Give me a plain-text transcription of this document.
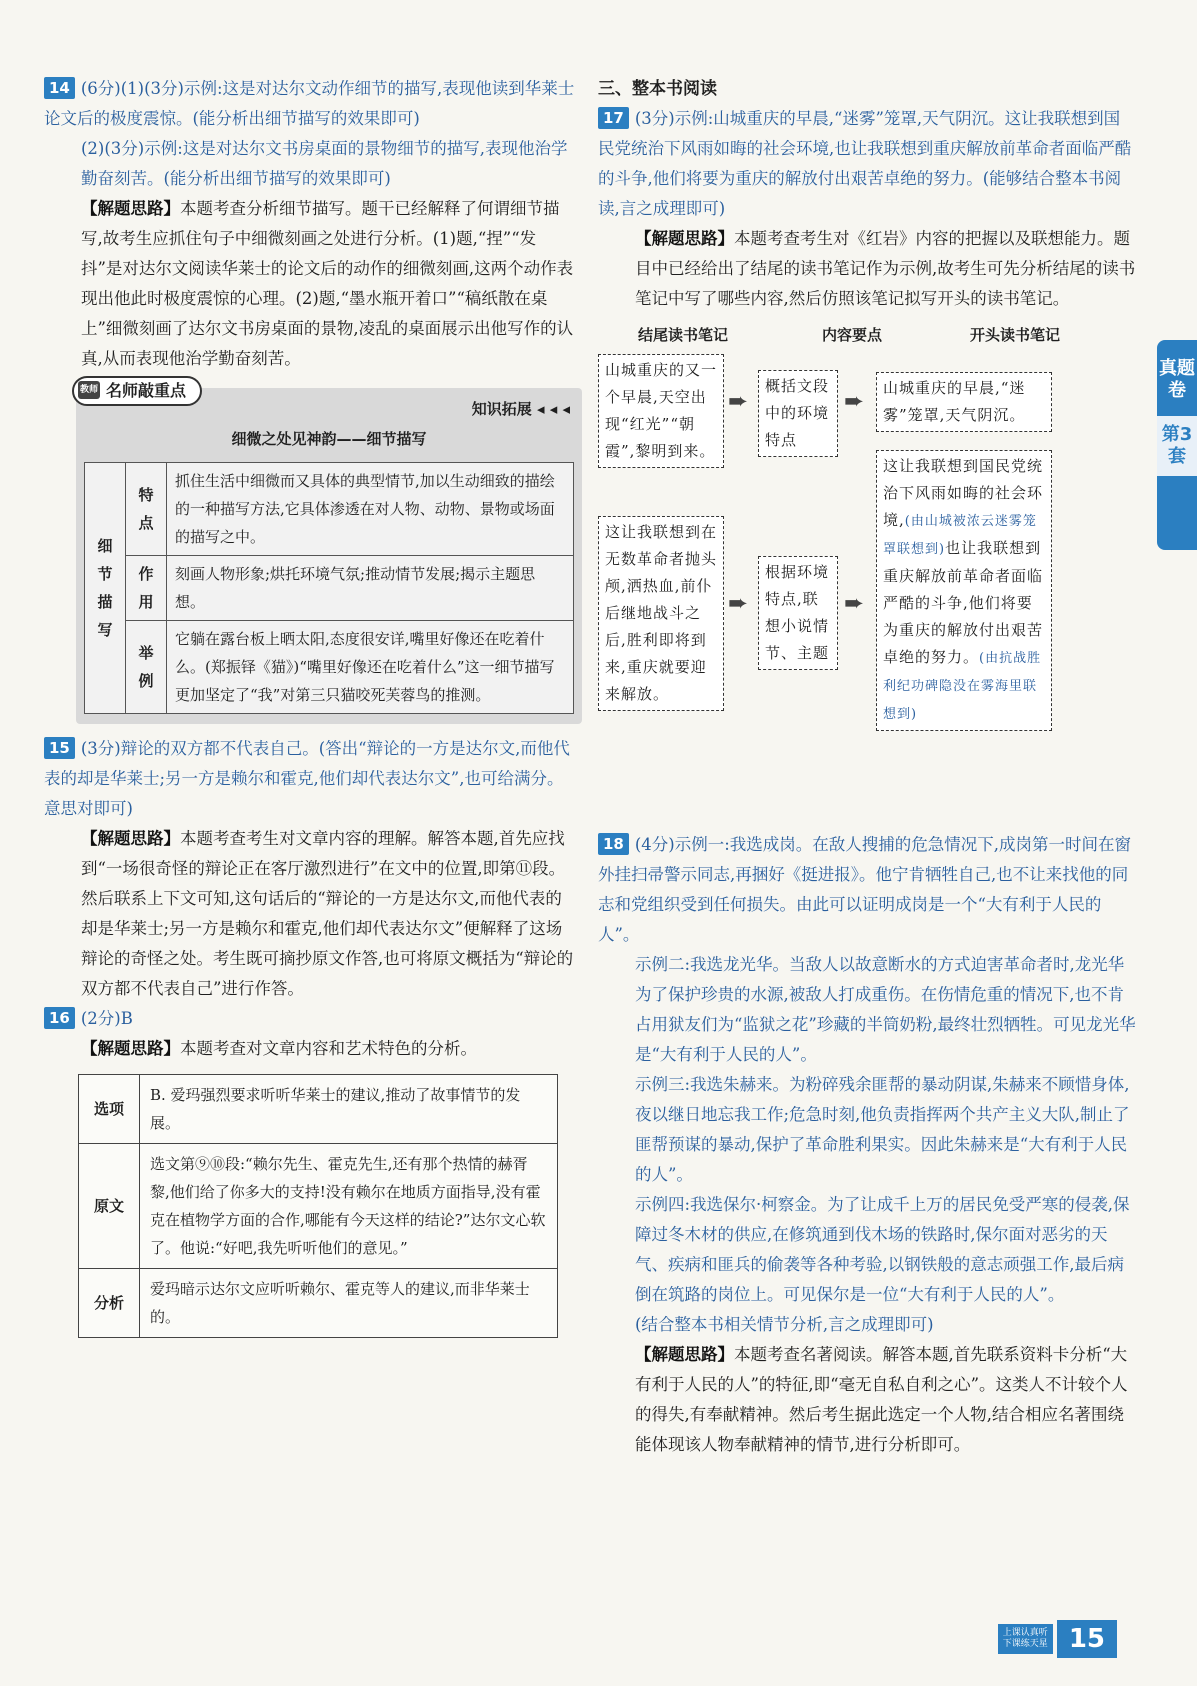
14 (6分)(1)(3分)示例:这是对达尔文动作细节的描写,表现他读到华莱士论文后的极度震惊。(能分析出细节描写的效果即可)

(2)(3分)示例:这是对达尔文书房桌面的景物细节的描写,表现他治学勤奋刻苦。(能分析出细节描写的效果即可)

【解题思路】本题考查分析细节描写。题干已经解释了何谓细节描写,故考生应抓住句子中细微刻画之处进行分析。(1)题,“捏”“发抖”是对达尔文阅读华莱士的论文后的动作的细微刻画,这两个动作表现出他此时极度震惊的心理。(2)题,“墨水瓶开着口”“稿纸散在桌上”细微刻画了达尔文书房桌面的景物,凌乱的桌面展示出他写作的认真,从而表现他治学勤奋刻苦。

教师 名师敲重点
知识拓展 ◂ ◂ ◂
细微之处见神韵——细节描写
细节描写	特点	抓住生活中细微而又具体的典型情节,加以生动细致的描绘的一种描写方法,它具体渗透在对人物、动物、景物或场面的描写之中。
	作用	刻画人物形象;烘托环境气氛;推动情节发展;揭示主题思想。
	举例	它躺在露台板上晒太阳,态度很安详,嘴里好像还在吃着什么。(郑振铎《猫》)“嘴里好像还在吃着什么”这一细节描写更加坚定了“我”对第三只猫咬死芙蓉鸟的推测。

15 (3分)辩论的双方都不代表自己。(答出“辩论的一方是达尔文,而他代表的却是华莱士;另一方是赖尔和霍克,他们却代表达尔文”,也可给满分。意思对即可)

【解题思路】本题考查考生对文章内容的理解。解答本题,首先应找到“一场很奇怪的辩论正在客厅激烈进行”在文中的位置,即第⑪段。然后联系上下文可知,这句话后的“辩论的一方是达尔文,而他代表的却是华莱士;另一方是赖尔和霍克,他们却代表达尔文”便解释了这场辩论的奇怪之处。考生既可摘抄原文作答,也可将原文概括为“辩论的双方都不代表自己”进行作答。

16 (2分)B

【解题思路】本题考查对文章内容和艺术特色的分析。

选项	B. 爱玛强烈要求听听华莱士的建议,推动了故事情节的发展。
原文	选文第⑨⑩段:“赖尔先生、霍克先生,还有那个热情的赫胥黎,他们给了你多大的支持!没有赖尔在地质方面指导,没有霍克在植物学方面的合作,哪能有今天这样的结论?”达尔文心软了。他说:“好吧,我先听听他们的意见。”
分析	爱玛暗示达尔文应听听赖尔、霍克等人的建议,而非华莱士的。

三、整本书阅读

17 (3分)示例:山城重庆的早晨,“迷雾”笼罩,天气阴沉。这让我联想到国民党统治下风雨如晦的社会环境,也让我联想到重庆解放前革命者面临严酷的斗争,他们将要为重庆的解放付出艰苦卓绝的努力。(能够结合整本书阅读,言之成理即可)

【解题思路】本题考查考生对《红岩》内容的把握以及联想能力。题目中已经给出了结尾的读书笔记作为示例,故考生可先分析结尾的读书笔记中写了哪些内容,然后仿照该笔记拟写开头的读书笔记。

结尾读书笔记	内容要点	开头读书笔记
山城重庆的又一个早晨,天空出现“红光”“朝霞”,黎明到来。
➨
概括文段中的环境特点
➨	山城重庆的早晨,“迷雾”笼罩,天气阴沉。
这让我联想到在无数革命者抛头颅,洒热血,前仆后继地战斗之后,胜利即将到来,重庆就要迎来解放。
➨
根据环境特点,联想小说情节、主题
➨
这让我联想到国民党统治下风雨如晦的社会环境,(由山城被浓云迷雾笼罩联想到)也让我联想到重庆解放前革命者面临严酷的斗争,他们将要为重庆的解放付出艰苦卓绝的努力。(由抗战胜利纪功碑隐没在雾海里联想到)

18 (4分)示例一:我选成岗。在敌人搜捕的危急情况下,成岗第一时间在窗外挂扫帚警示同志,再捆好《挺进报》。他宁肯牺牲自己,也不让来找他的同志和党组织受到任何损失。由此可以证明成岗是一个“大有利于人民的人”。

示例二:我选龙光华。当敌人以故意断水的方式迫害革命者时,龙光华为了保护珍贵的水源,被敌人打成重伤。在伤情危重的情况下,也不肯占用狱友们为“监狱之花”珍藏的半筒奶粉,最终壮烈牺牲。可见龙光华是“大有利于人民的人”。

示例三:我选朱赫来。为粉碎残余匪帮的暴动阴谋,朱赫来不顾惜身体,夜以继日地忘我工作;危急时刻,他负责指挥两个共产主义大队,制止了匪帮预谋的暴动,保护了革命胜利果实。因此朱赫来是“大有利于人民的人”。

示例四:我选保尔·柯察金。为了让成千上万的居民免受严寒的侵袭,保障过冬木材的供应,在修筑通到伐木场的铁路时,保尔面对恶劣的天气、疾病和匪兵的偷袭等各种考验,以钢铁般的意志顽强工作,最后病倒在筑路的岗位上。可见保尔是一位“大有利于人民的人”。

(结合整本书相关情节分析,言之成理即可)

【解题思路】本题考查名著阅读。解答本题,首先联系资料卡分析“大有利于人民的人”的特征,即“毫无自私自利之心”。这类人不计较个人的得失,有奉献精神。然后考生据此选定一个人物,结合相应名著围绕能体现该人物奉献精神的情节,进行分析即可。

真题卷
第3套
上课认真听
下课练天星 15
